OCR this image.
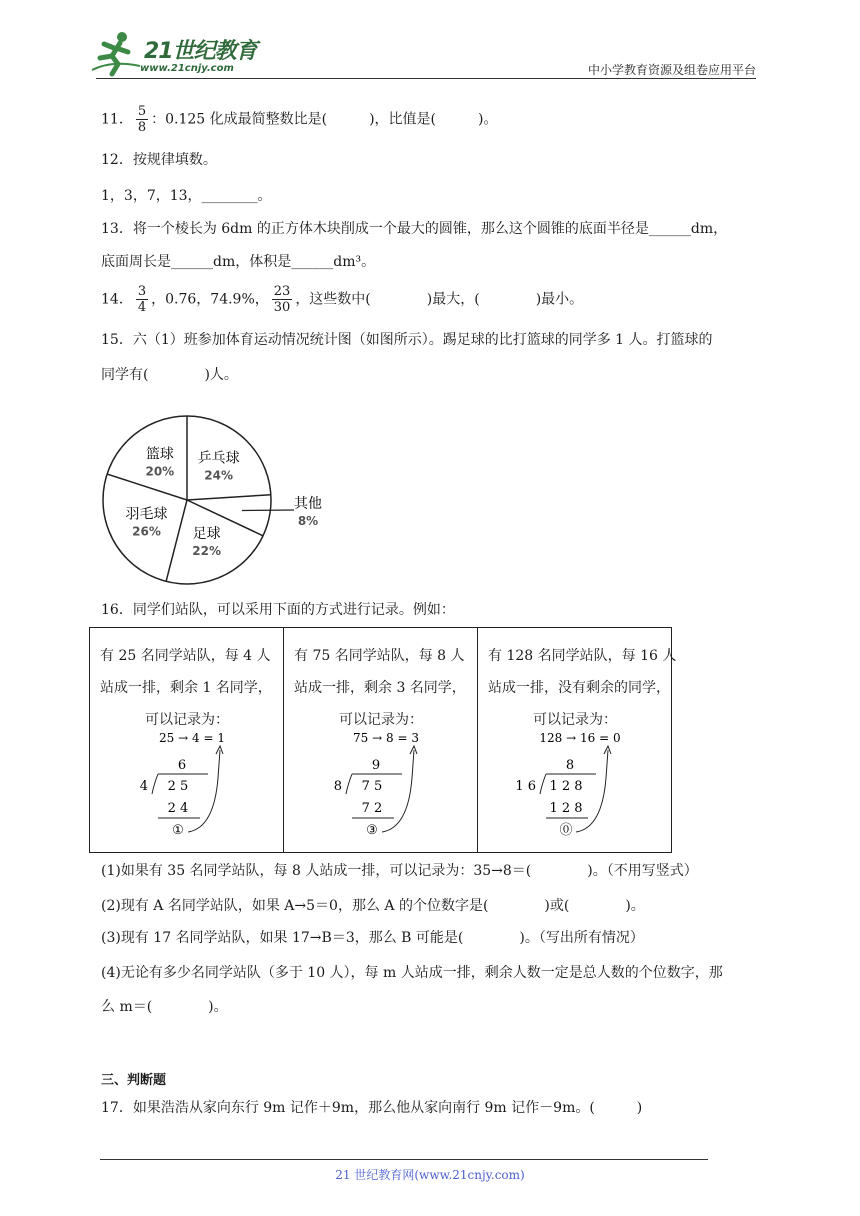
21世纪教育
www.21cnjy.com	中小学教育资源及组卷应用平台
11． $\frac{5}{8}$ ：0.125 化成最简整数比是(　　　)，比值是(　　　)。
12．按规律填数。
1，3，7，13，________。
13．将一个棱长为 6dm 的正方体木块削成一个最大的圆锥，那么这个圆锥的底面半径是______dm，
底面周长是______dm，体积是______dm³。
14． $\frac{3}{4}$ ，0.76，74.9%， $\frac{23}{30}$ ，这些数中(　　　　)最大，(　　　　)最小。
15．六（1）班参加体育运动情况统计图（如图所示）。踢足球的比打篮球的同学多 1 人。打篮球的
同学有(　　　　)人。
乒乓球
24%
其他
8%
足球
22%
羽毛球
26%
篮球
20%
16．同学们站队，可以采用下面的方式进行记录。例如：
有 25 名同学站队，每 4 人
站成一排，剩余 1 名同学，

可以记录为：
25 → 4 = 1
6
4 2 5
2 4
①

有 75 名同学站队，每 8 人
站成一排，剩余 3 名同学，

可以记录为：
75 → 8 = 3
9
8 7 5
7 2
③

有 128 名同学站队，每 16 人
站成一排，没有剩余的同学，

可以记录为：
128 → 16 = 0
8
1 6 1 2 8
1 2 8
⓪
(1)如果有 35 名同学站队，每 8 人站成一排，可以记录为：35→8＝(　　　　)。（不用写竖式）
(2)现有 A 名同学站队，如果 A→5＝0，那么 A 的个位数字是(　　　　)或(　　　　)。
(3)现有 17 名同学站队，如果 17→B＝3，那么 B 可能是(　　　　)。（写出所有情况）
(4)无论有多少名同学站队（多于 10 人），每 m 人站成一排，剩余人数一定是总人数的个位数字，那
么 m＝(　　　　)。
三、判断题
17．如果浩浩从家向东行 9m 记作＋9m，那么他从家向南行 9m 记作－9m。(　　　)
21 世纪教育网(www.21cnjy.com)
